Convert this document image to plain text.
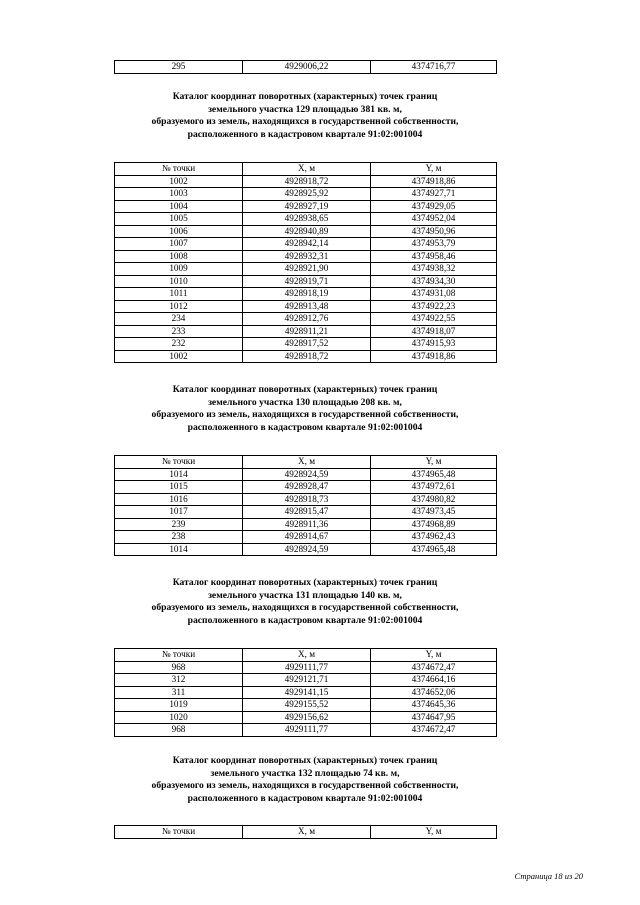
295	4929006,22	4374716,77
Каталог координат поворотных (характерных) точек границ
земельного участка 129 площадью 381 кв. м,
образуемого из земель, находящихся в государственной собственности,
расположенного в кадастровом квартале 91:02:001004
№ точки	Х, м	Y, м
1002	4928918,72	4374918,86
1003	4928925,92	4374927,71
1004	4928927,19	4374929,05
1005	4928938,65	4374952,04
1006	4928940,89	4374950,96
1007	4928942,14	4374953,79
1008	4928932,31	4374958,46
1009	4928921,90	4374938,32
1010	4928919,71	4374934,30
1011	4928918,19	4374931,08
1012	4928913,48	4374922,23
234	4928912,76	4374922,55
233	4928911,21	4374918,07
232	4928917,52	4374915,93
1002	4928918,72	4374918,86
Каталог координат поворотных (характерных) точек границ
земельного участка 130 площадью 208 кв. м,
образуемого из земель, находящихся в государственной собственности,
расположенного в кадастровом квартале 91:02:001004
№ точки	Х, м	Y, м
1014	4928924,59	4374965,48
1015	4928928,47	4374972,61
1016	4928918,73	4374980,82
1017	4928915,47	4374973,45
239	4928911,36	4374968,89
238	4928914,67	4374962,43
1014	4928924,59	4374965,48
Каталог координат поворотных (характерных) точек границ
земельного участка 131 площадью 140 кв. м,
образуемого из земель, находящихся в государственной собственности,
расположенного в кадастровом квартале 91:02:001004
№ точки	Х, м	Y, м
968	4929111,77	4374672,47
312	4929121,71	4374664,16
311	4929141,15	4374652,06
1019	4929155,52	4374645,36
1020	4929156,62	4374647,95
968	4929111,77	4374672,47
Каталог координат поворотных (характерных) точек границ
земельного участка 132 площадью 74 кв. м,
образуемого из земель, находящихся в государственной собственности,
расположенного в кадастровом квартале 91:02:001004
№ точки	Х, м	Y, м
Страница 18 из 20
